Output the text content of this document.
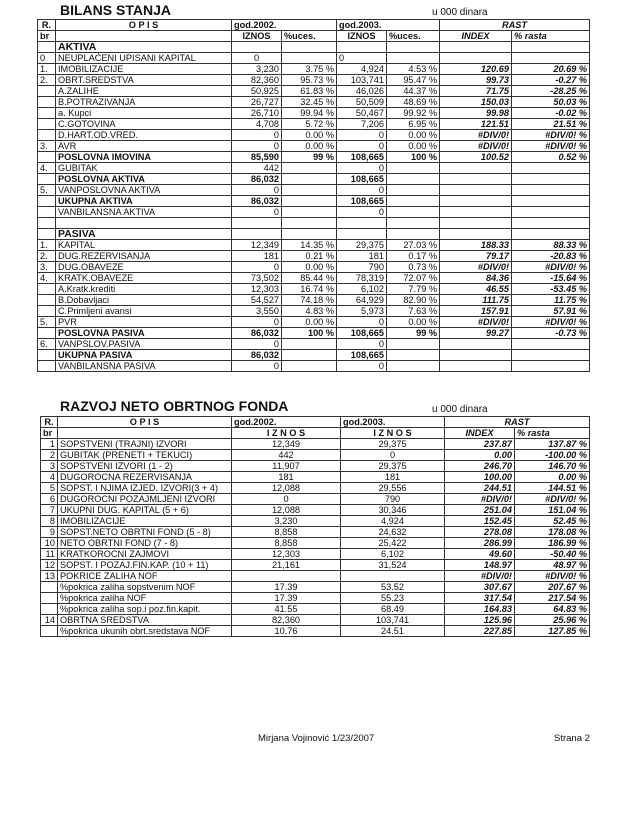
BILANS STANJA	u 000 dinara
R.	O P I S	god.2002.		god.2003.		RAST	
br		IZNOS	%uces.	IZNOS	%uces.	INDEX	% rasta
	AKTIVA						
0	NEUPLAĆENI UPISANI KAPITAL	0		0			
1.	IMOBILIZACIJE	3,230	3.75 %	4,924	4.53 %	120.69	20.69 %
2.	OBRT.SREDSTVA	82,360	95.73 %	103,741	95.47 %	99.73	-0.27 %
	A.ZALIHE	50,925	61.83 %	46,026	44.37 %	71.75	-28.25 %
	B.POTRAZIVANJA	26,727	32.45 %	50,509	48.69 %	150.03	50.03 %
	a. Kupci	26,710	99.94 %	50,467	99.92 %	99.98	-0.02 %
	C.GOTOVINA	4,708	5.72 %	7,206	6.95 %	121.51	21.51 %
	D.HART.OD.VRED.	0	0.00 %	0	0.00 %	#DIV/0!	#DIV/0! %
3.	AVR	0	0.00 %	0	0.00 %	#DIV/0!	#DIV/0! %
	POSLOVNA IMOVINA	85,590	99 %	108,665	100 %	100.52	0.52 %
4.	GUBITAK	442		0			
	POSLOVNA AKTIVA	86,032		108,665			
5.	VANPOSLOVNA AKTIVA	0		0			
	UKUPNA AKTIVA	86,032		108,665			
	VANBILANSNA AKTIVA	0		0			

	PASIVA						
1.	KAPITAL	12,349	14.35 %	29,375	27.03 %	188.33	88.33 %
2.	DUG.REZERVISANJA	181	0.21 %	181	0.17 %	79.17	-20.83 %
3.	DUG.OBAVEZE	0	0.00 %	790	0.73 %	#DIV/0!	#DIV/0! %
4.	KRATK.OBAVEZE	73,502	85.44 %	78,319	72.07 %	84.36	-15.64 %
	A.Kratk.krediti	12,303	16.74 %	6,102	7.79 %	46.55	-53.45 %
	B.Dobavljaci	54,527	74.18 %	64,929	82.90 %	111.75	11.75 %
	C.Primljeni avansi	3,550	4.83 %	5,973	7.63 %	157.91	57.91 %
5.	PVR	0	0.00 %	0	0.00 %	#DIV/0!	#DIV/0! %
	POSLOVNA PASIVA	86,032	100 %	108,665	99 %	99.27	-0.73 %
6.	VANPSLOV.PASIVA	0		0			
	UKUPNA PASIVA	86,032		108,665			
	VANBILANSNA PASIVA	0		0			
RAZVOJ NETO OBRTNOG FONDA	u 000 dinara
R.	O P I S	god.2002.	god.2003.	RAST	
br		I Z N O S	I Z N O S	INDEX	% rasta
1	SOPSTVENI (TRAJNI) IZVORI	12,349	29,375	237.87	137.87 %
2	GUBITAK (PRENETI + TEKUCI)	442	0	0.00	-100.00 %
3	SOPSTVENI IZVORI (1 - 2)	11,907	29,375	246.70	146.70 %
4	DUGOROCNA REZERVISANJA	181	181	100.00	0.00 %
5	SOPST. I NJIMA IZJED. IZVORI(3 + 4)	12,088	29,556	244.51	144.51 %
6	DUGOROCNI POZAJMLJENI IZVORI	0	790	#DIV/0!	#DIV/0! %
7	UKUPNI DUG. KAPITAL (5 + 6)	12,088	30,346	251.04	151.04 %
8	IMOBILIZACIJE	3,230	4,924	152.45	52.45 %
9	SOPST.NETO OBRTNI FOND (5 - 8)	8,858	24,632	278.08	178.08 %
10	NETO OBRTNI FOND (7 - 8)	8,858	25,422	286.99	186.99 %
11	KRATKOROCNI ZAJMOVI	12,303	6,102	49.60	-50.40 %
12	SOPST. I POZAJ.FIN.KAP. (10 + 11)	21,161	31,524	148.97	48.97 %
13	POKRICE ZALIHA NOF			#DIV/0!	#DIV/0! %
	%pokrica zaliha sopstvenim NOF	17.39	53.52	307.67	207.67 %
	%pokrica zaliha NOF	17.39	55.23	317.54	217.54 %
	%pokrica zaliha sop.i poz.fin.kapit.	41.55	68.49	164.83	64.83 %
14	OBRTNA SREDSTVA	82,360	103,741	125.96	25.96 %
	%pokrica ukunih obrt.sredstava NOF	10.76	24.51	227.85	127.85 %
Mirjana Vojinović 1/23/2007	Strana 2
